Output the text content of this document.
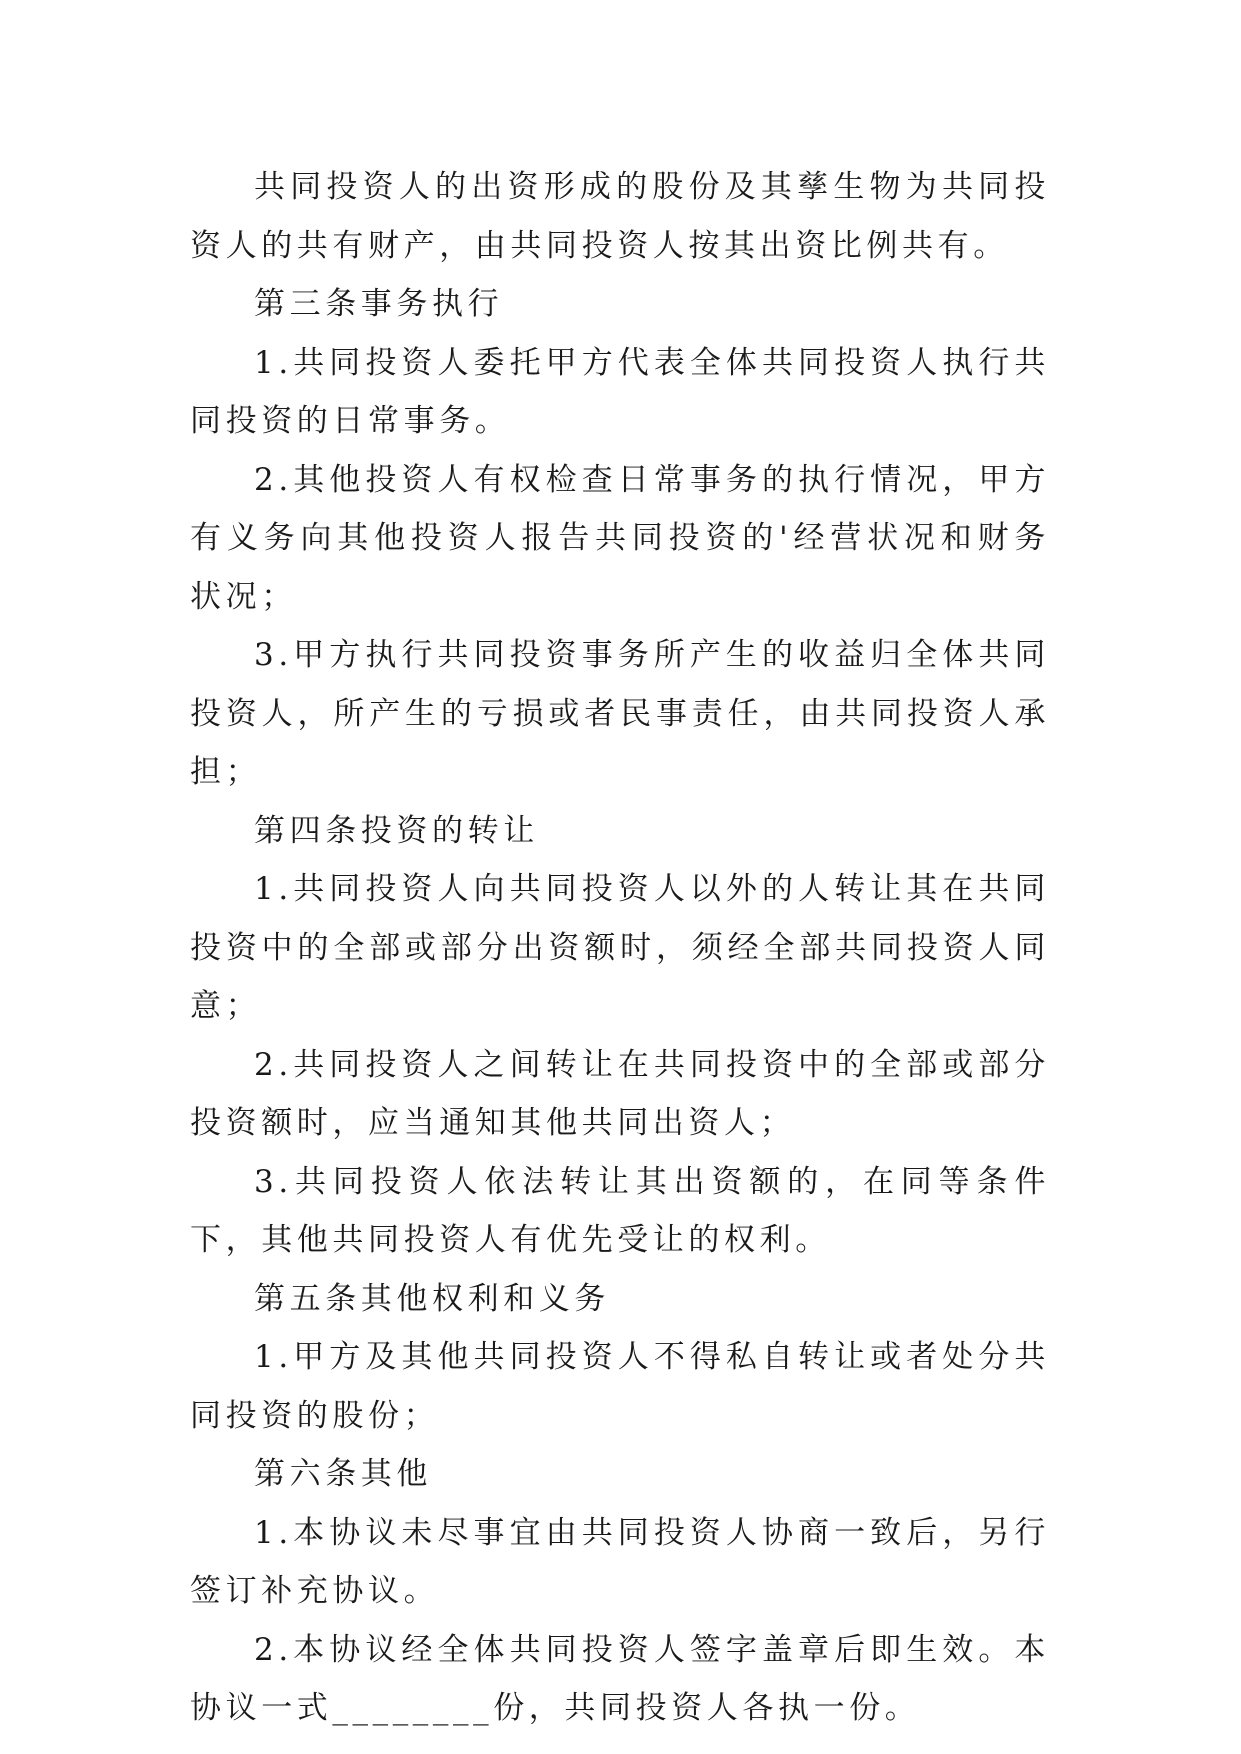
共同投资人的出资形成的股份及其孳生物为共同投资人的共有财产，由共同投资人按其出资比例共有。

第三条事务执行

1.共同投资人委托甲方代表全体共同投资人执行共同投资的日常事务。

2.其他投资人有权检查日常事务的执行情况，甲方有义务向其他投资人报告共同投资的'经营状况和财务状况；

3.甲方执行共同投资事务所产生的收益归全体共同投资人，所产生的亏损或者民事责任，由共同投资人承担；

第四条投资的转让

1.共同投资人向共同投资人以外的人转让其在共同投资中的全部或部分出资额时，须经全部共同投资人同意；

2.共同投资人之间转让在共同投资中的全部或部分投资额时，应当通知其他共同出资人；

3.共同投资人依法转让其出资额的，在同等条件下，其他共同投资人有优先受让的权利。

第五条其他权利和义务

1.甲方及其他共同投资人不得私自转让或者处分共同投资的股份；

第六条其他

1.本协议未尽事宜由共同投资人协商一致后，另行签订补充协议。

2.本协议经全体共同投资人签字盖章后即生效。本协议一式________份，共同投资人各执一份。
